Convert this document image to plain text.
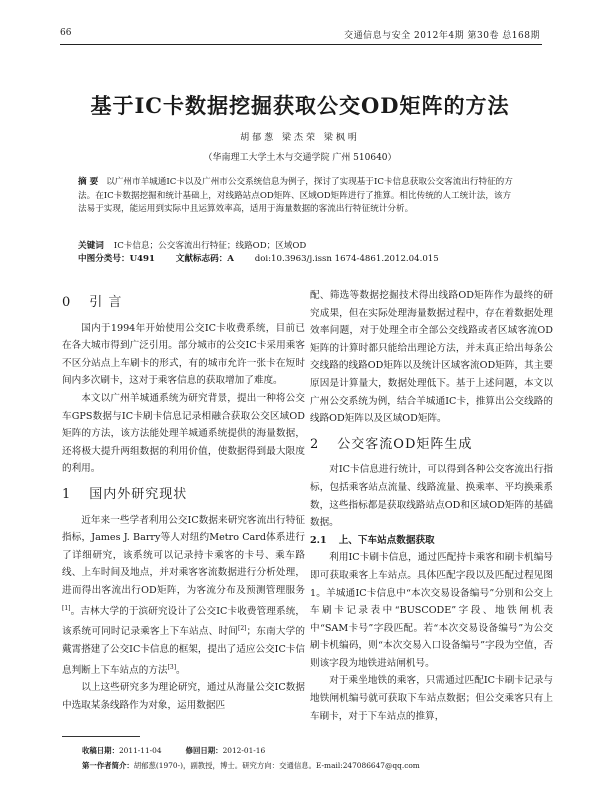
66	交通信息与安全 2012年4期 第30卷 总168期
基于IC卡数据挖掘获取公交OD矩阵的方法
胡郁葱 梁杰荣 梁枫明
（华南理工大学土木与交通学院 广州 510640）
摘 要 以广州市羊城通IC卡以及广州市公交系统信息为例子，探讨了实现基于IC卡信息获取公交客流出行特征的方法。在IC卡数据挖掘和统计基础上，对线路站点OD矩阵、区域OD矩阵进行了推算。相比传统的人工统计法，该方法易于实现，能运用到实际中且运算效率高，适用于海量数据的客流出行特征统计分析。
关键词 IC卡信息；公交客流出行特征；线路OD；区域OD
中图分类号：U491 文献标志码：A doi:10.3963/j.issn 1674-4861.2012.04.015
0 引 言

国内于1994年开始使用公交IC卡收费系统，目前已在各大城市得到广泛引用。部分城市的公交IC卡采用乘客不区分站点上车刷卡的形式，有的城市允许一张卡在短时间内多次刷卡，这对于乘客信息的获取增加了难度。

本文以广州羊城通系统为研究背景，提出一种将公交车GPS数据与IC卡刷卡信息记录相融合获取公交区域OD矩阵的方法，该方法能处理羊城通系统提供的海量数据，还将极大提升两组数据的利用价值，使数据得到最大限度的利用。

1 国内外研究现状

近年来一些学者利用公交IC数据来研究客流出行特征指标，James J. Barry等人对纽约Metro Card体系进行了详细研究，该系统可以记录持卡乘客的卡号、乘车路线、上车时间及地点，并对乘客客流数据进行分析处理，进而得出客流出行OD矩阵，为客流分布及预测管理服务[1]。吉林大学的于滨研究设计了公交IC卡收费管理系统，该系统可同时记录乘客上下车站点、时间[2]；东南大学的戴霄搭建了公交IC卡信息的框架，提出了适应公交IC卡信息判断上下车站点的方法[3]。

以上这些研究多为理论研究，通过从海量公交IC数据中选取某条线路作为对象，运用数据匹

配、筛选等数据挖掘技术得出线路OD矩阵作为最终的研究成果，但在实际处理海量数据过程中，存在着数据处理效率问题，对于处理全市全部公交线路或者区域客流OD矩阵的计算时都只能给出理论方法，并未真正给出每条公交线路的线路OD矩阵以及统计区域客流OD矩阵，其主要原因是计算量大，数据处理低下。基于上述问题，本文以广州公交系统为例，结合羊城通IC卡，推算出公交线路的线路OD矩阵以及区域OD矩阵。

2 公交客流OD矩阵生成

对IC卡信息进行统计，可以得到各种公交客流出行指标，包括乘客站点流量、线路流量、换乘率、平均换乘系数，这些指标都是获取线路站点OD和区域OD矩阵的基础数据。

2.1 上、下车站点数据获取

利用IC卡刷卡信息，通过匹配持卡乘客和刷卡机编号即可获取乘客上车站点。具体匹配字段以及匹配过程见图1。羊城通IC卡信息中“本次交易设备编号”分别和公交上车刷卡记录表中“BUSCODE”字段、地铁闸机表中“SAM卡号”字段匹配。若“本次交易设备编号”为公交刷卡机编码，则“本次交易入口设备编号”字段为空值，否则该字段为地铁进站闸机号。

对于乘坐地铁的乘客，只需通过匹配IC卡刷卡记录与地铁闸机编号就可获取下车站点数据；但公交乘客只有上车刷卡，对于下车站点的推算，

收稿日期：2011-11-04	修回日期：2012-01-16
第一作者简介：胡郁葱(1970-)，副教授，博士。研究方向：交通信息。E-mail:247086647@qq.com
